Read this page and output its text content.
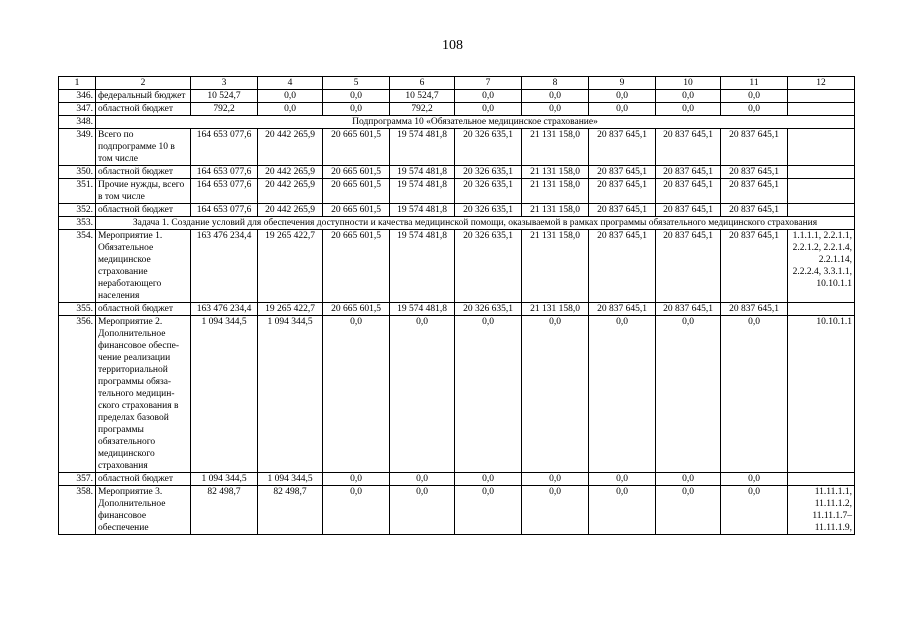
108
1	2	3	4	5	6	7	8	9	10	11	12
346.	федеральный бюджет	10 524,7	0,0	0,0	10 524,7	0,0	0,0	0,0	0,0	0,0	
347.	областной бюджет	792,2	0,0	0,0	792,2	0,0	0,0	0,0	0,0	0,0	
348.	Подпрограмма 10 «Обязательное медицинское страхование»										
349.	Всего по подпрограмме 10 в том числе	164 653 077,6	20 442 265,9	20 665 601,5	19 574 481,8	20 326 635,1	21 131 158,0	20 837 645,1	20 837 645,1	20 837 645,1	
350.	областной бюджет	164 653 077,6	20 442 265,9	20 665 601,5	19 574 481,8	20 326 635,1	21 131 158,0	20 837 645,1	20 837 645,1	20 837 645,1	
351.	Прочие нужды, всего в том числе	164 653 077,6	20 442 265,9	20 665 601,5	19 574 481,8	20 326 635,1	21 131 158,0	20 837 645,1	20 837 645,1	20 837 645,1	
352.	областной бюджет	164 653 077,6	20 442 265,9	20 665 601,5	19 574 481,8	20 326 635,1	21 131 158,0	20 837 645,1	20 837 645,1	20 837 645,1	
353.	Задача 1. Создание условий для обеспечения доступности и качества медицинской помощи, оказываемой в рамках программы обязательного медицинского страхования										
354.	Мероприятие 1. Обязательное медицинское страхование неработающего населения	163 476 234,4	19 265 422,7	20 665 601,5	19 574 481,8	20 326 635,1	21 131 158,0	20 837 645,1	20 837 645,1	20 837 645,1	1.1.1.1, 2.2.1.1, 2.2.1.2, 2.2.1.4, 2.2.1.14, 2.2.2.4, 3.3.1.1, 10.10.1.1
355.	областной бюджет	163 476 234,4	19 265 422,7	20 665 601,5	19 574 481,8	20 326 635,1	21 131 158,0	20 837 645,1	20 837 645,1	20 837 645,1	
356.	Мероприятие 2. Дополнительное финансовое обеспе-чение реализации территориальной программы обяза-тельного медицин-ского страхования в пределах базовой программы обязательного медицинского страхования	1 094 344,5	1 094 344,5	0,0	0,0	0,0	0,0	0,0	0,0	0,0	10.10.1.1
357.	областной бюджет	1 094 344,5	1 094 344,5	0,0	0,0	0,0	0,0	0,0	0,0	0,0	
358.	Мероприятие 3. Дополнительное финансовое обеспечение	82 498,7	82 498,7	0,0	0,0	0,0	0,0	0,0	0,0	0,0	11.11.1.1, 11.11.1.2, 11.11.1.7– 11.11.1.9,
